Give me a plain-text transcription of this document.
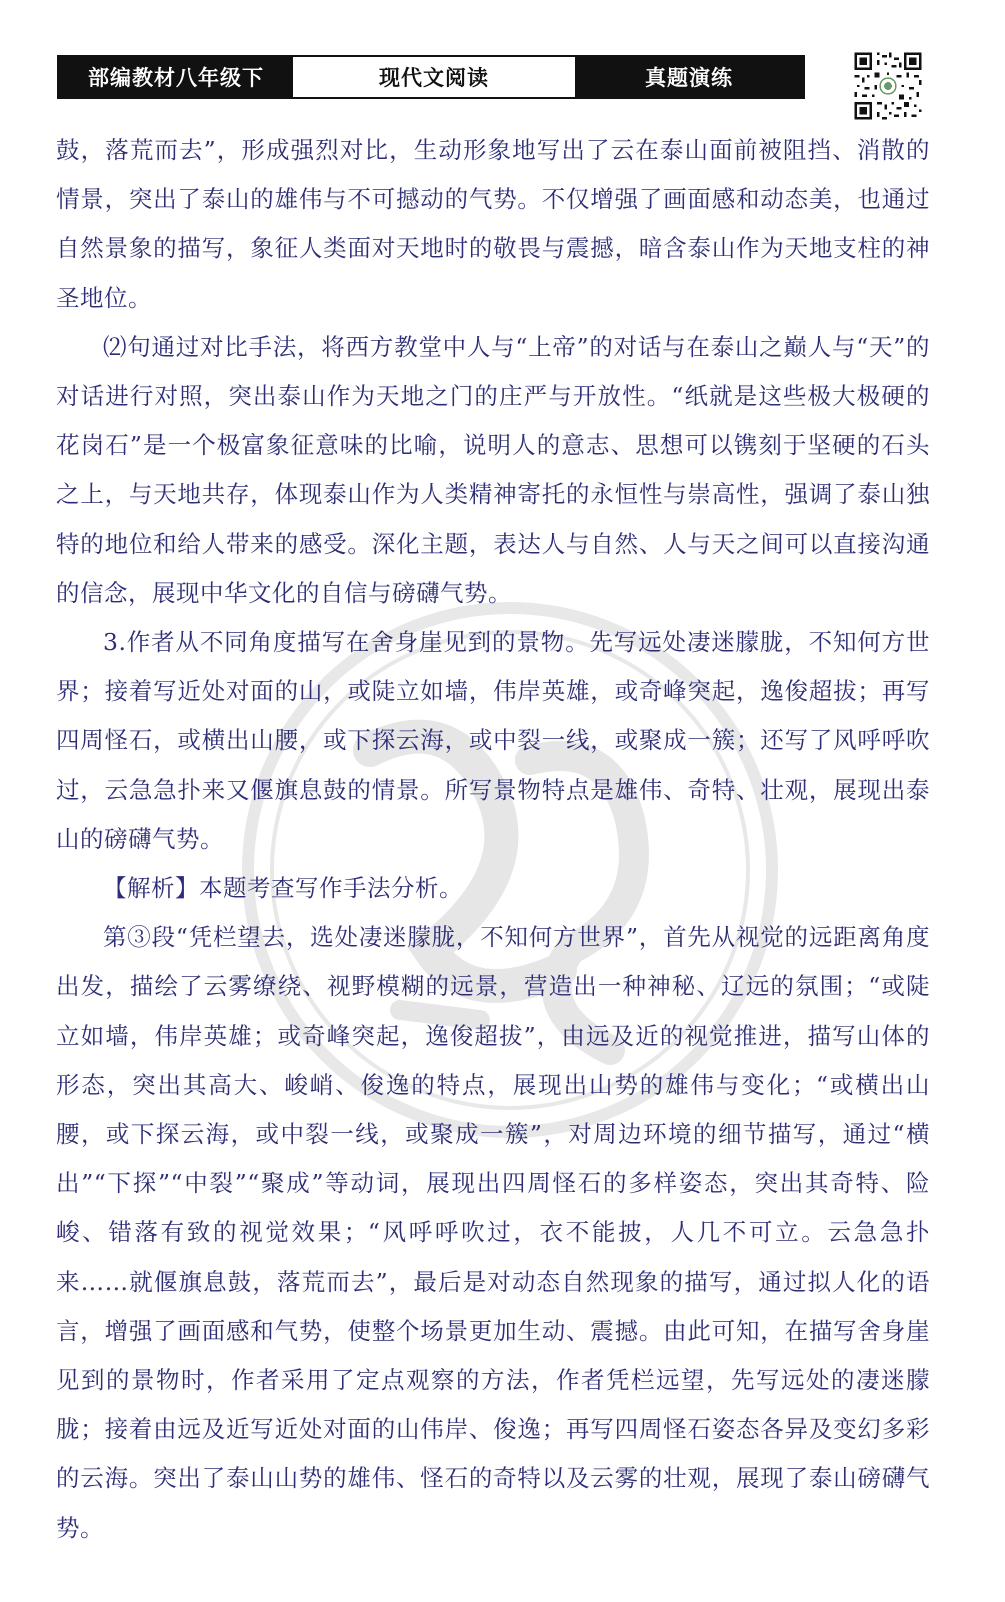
部编教材八年级下	现代文阅读	真题演练

鼓，落荒而去”，形成强烈对比，生动形象地写出了云在泰山面前被阻挡、消散的情景，突出了泰山的雄伟与不可撼动的气势。不仅增强了画面感和动态美，也通过自然景象的描写，象征人类面对天地时的敬畏与震撼，暗含泰山作为天地支柱的神圣地位。

⑵句通过对比手法，将西方教堂中人与“上帝”的对话与在泰山之巅人与“天”的对话进行对照，突出泰山作为天地之门的庄严与开放性。“纸就是这些极大极硬的花岗石”是一个极富象征意味的比喻，说明人的意志、思想可以镌刻于坚硬的石头之上，与天地共存，体现泰山作为人类精神寄托的永恒性与崇高性，强调了泰山独特的地位和给人带来的感受。深化主题，表达人与自然、人与天之间可以直接沟通的信念，展现中华文化的自信与磅礴气势。

3.作者从不同角度描写在舍身崖见到的景物。先写远处凄迷朦胧，不知何方世界；接着写近处对面的山，或陡立如墙，伟岸英雄，或奇峰突起，逸俊超拔；再写四周怪石，或横出山腰，或下探云海，或中裂一线，或聚成一簇；还写了风呼呼吹过，云急急扑来又偃旗息鼓的情景。所写景物特点是雄伟、奇特、壮观，展现出泰山的磅礴气势。

【解析】本题考查写作手法分析。

第③段“凭栏望去，选处凄迷朦胧，不知何方世界”，首先从视觉的远距离角度出发，描绘了云雾缭绕、视野模糊的远景，营造出一种神秘、辽远的氛围；“或陡立如墙，伟岸英雄；或奇峰突起，逸俊超拔”，由远及近的视觉推进，描写山体的形态，突出其高大、峻峭、俊逸的特点，展现出山势的雄伟与变化；“或横出山腰，或下探云海，或中裂一线，或聚成一簇”，对周边环境的细节描写，通过“横出”“下探”“中裂”“聚成”等动词，展现出四周怪石的多样姿态，突出其奇特、险峻、错落有致的视觉效果；“风呼呼吹过，衣不能披，人几不可立。云急急扑来……就偃旗息鼓，落荒而去”，最后是对动态自然现象的描写，通过拟人化的语言，增强了画面感和气势，使整个场景更加生动、震撼。由此可知，在描写舍身崖见到的景物时，作者采用了定点观察的方法，作者凭栏远望，先写远处的凄迷朦胧；接着由远及近写近处对面的山伟岸、俊逸；再写四周怪石姿态各异及变幻多彩的云海。突出了泰山山势的雄伟、怪石的奇特以及云雾的壮观，展现了泰山磅礴气势。
